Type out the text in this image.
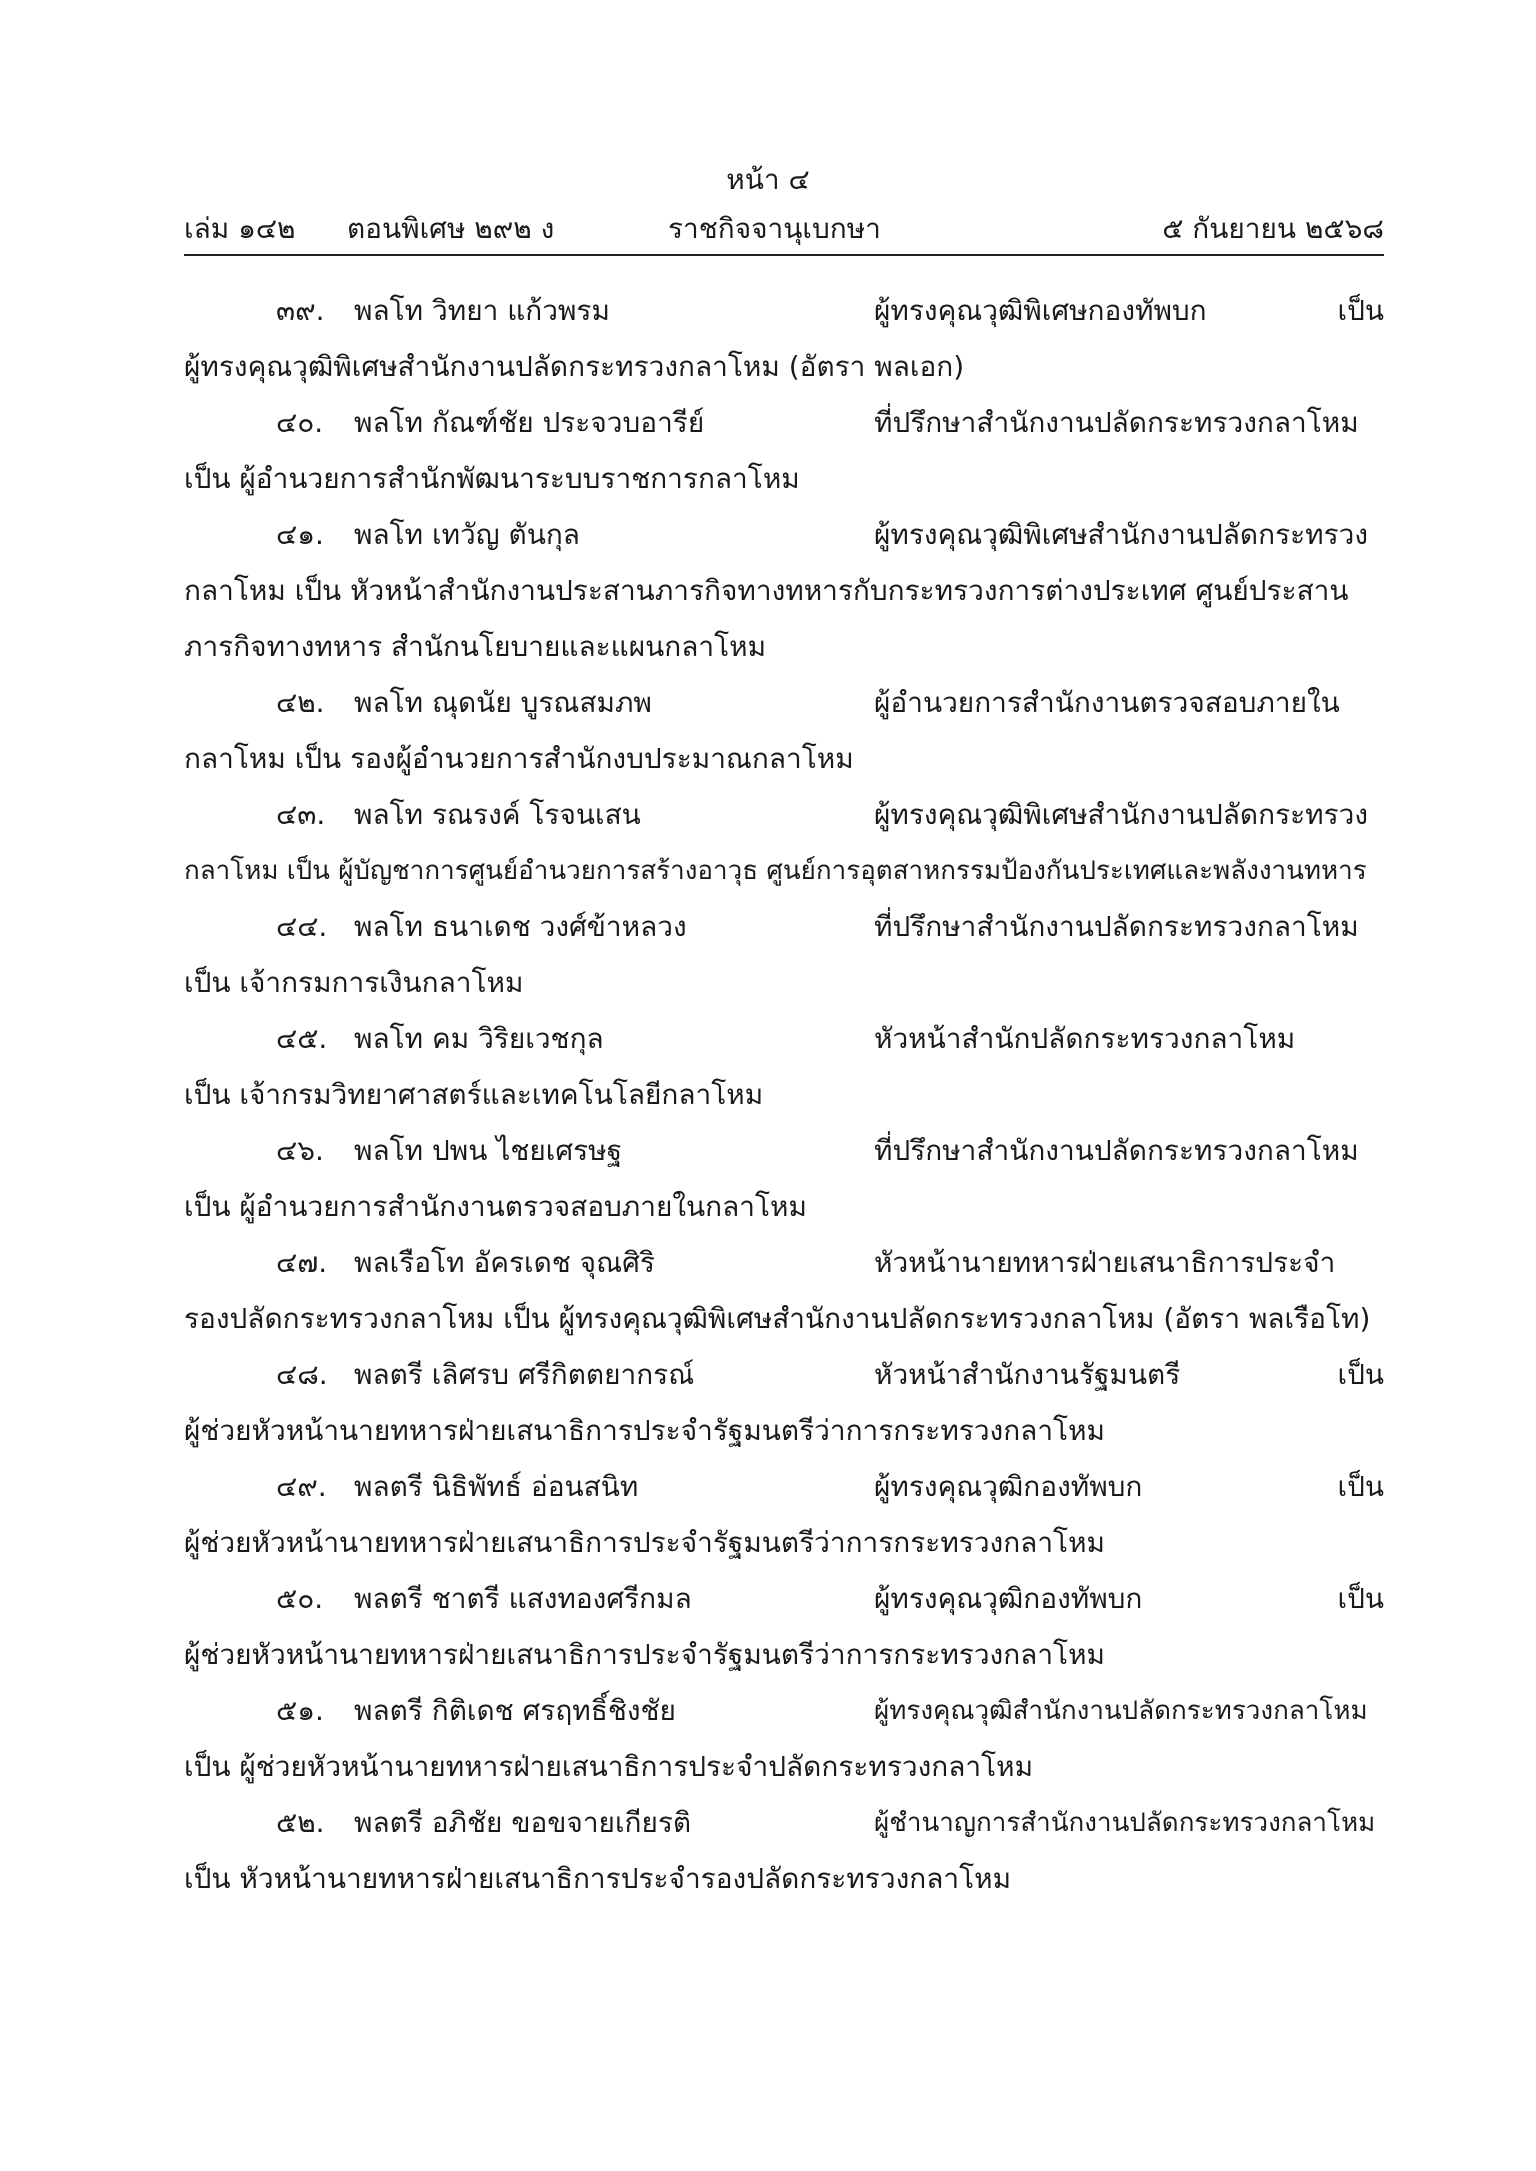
หน้า ๔
เล่ม ๑๔๒ ตอนพิเศษ ๒๙๒ ง	ราชกิจจานุเบกษา	๕ กันยายน ๒๕๖๘
๓๙. พลโท วิทยา แก้วพรม	ผู้ทรงคุณวุฒิพิเศษกองทัพบก เป็น
ผู้ทรงคุณวุฒิพิเศษสำนักงานปลัดกระทรวงกลาโหม (อัตรา พลเอก)
๔๐. พลโท กัณฑ์ชัย ประจวบอารีย์	ที่ปรึกษาสำนักงานปลัดกระทรวงกลาโหม
เป็น ผู้อำนวยการสำนักพัฒนาระบบราชการกลาโหม
๔๑. พลโท เทวัญ ตันกุล	ผู้ทรงคุณวุฒิพิเศษสำนักงานปลัดกระทรวง
กลาโหม เป็น หัวหน้าสำนักงานประสานภารกิจทางทหารกับกระทรวงการต่างประเทศ ศูนย์ประสาน
ภารกิจทางทหาร สำนักนโยบายและแผนกลาโหม
๔๒. พลโท ณุดนัย บูรณสมภพ	ผู้อำนวยการสำนักงานตรวจสอบภายใน
กลาโหม เป็น รองผู้อำนวยการสำนักงบประมาณกลาโหม
๔๓. พลโท รณรงค์ โรจนเสน	ผู้ทรงคุณวุฒิพิเศษสำนักงานปลัดกระทรวง
กลาโหม เป็น ผู้บัญชาการศูนย์อำนวยการสร้างอาวุธ ศูนย์การอุตสาหกรรมป้องกันประเทศและพลังงานทหาร
๔๔. พลโท ธนาเดช วงศ์ข้าหลวง	ที่ปรึกษาสำนักงานปลัดกระทรวงกลาโหม
เป็น เจ้ากรมการเงินกลาโหม
๔๕. พลโท คม วิริยเวชกุล	หัวหน้าสำนักปลัดกระทรวงกลาโหม
เป็น เจ้ากรมวิทยาศาสตร์และเทคโนโลยีกลาโหม
๔๖. พลโท ปพน ไชยเศรษฐ	ที่ปรึกษาสำนักงานปลัดกระทรวงกลาโหม
เป็น ผู้อำนวยการสำนักงานตรวจสอบภายในกลาโหม
๔๗. พลเรือโท อัครเดช จุณศิริ	หัวหน้านายทหารฝ่ายเสนาธิการประจำ
รองปลัดกระทรวงกลาโหม เป็น ผู้ทรงคุณวุฒิพิเศษสำนักงานปลัดกระทรวงกลาโหม (อัตรา พลเรือโท)
๔๘. พลตรี เลิศรบ ศรีกิตตยากรณ์	หัวหน้าสำนักงานรัฐมนตรี เป็น
ผู้ช่วยหัวหน้านายทหารฝ่ายเสนาธิการประจำรัฐมนตรีว่าการกระทรวงกลาโหม
๔๙. พลตรี นิธิพัทธ์ อ่อนสนิท	ผู้ทรงคุณวุฒิกองทัพบก เป็น
ผู้ช่วยหัวหน้านายทหารฝ่ายเสนาธิการประจำรัฐมนตรีว่าการกระทรวงกลาโหม
๕๐. พลตรี ชาตรี แสงทองศรีกมล	ผู้ทรงคุณวุฒิกองทัพบก เป็น
ผู้ช่วยหัวหน้านายทหารฝ่ายเสนาธิการประจำรัฐมนตรีว่าการกระทรวงกลาโหม
๕๑. พลตรี กิติเดช ศรฤทธิ์ชิงชัย	ผู้ทรงคุณวุฒิสำนักงานปลัดกระทรวงกลาโหม
เป็น ผู้ช่วยหัวหน้านายทหารฝ่ายเสนาธิการประจำปลัดกระทรวงกลาโหม
๕๒. พลตรี อภิชัย ขอขจายเกียรติ	ผู้ชำนาญการสำนักงานปลัดกระทรวงกลาโหม
เป็น หัวหน้านายทหารฝ่ายเสนาธิการประจำรองปลัดกระทรวงกลาโหม
